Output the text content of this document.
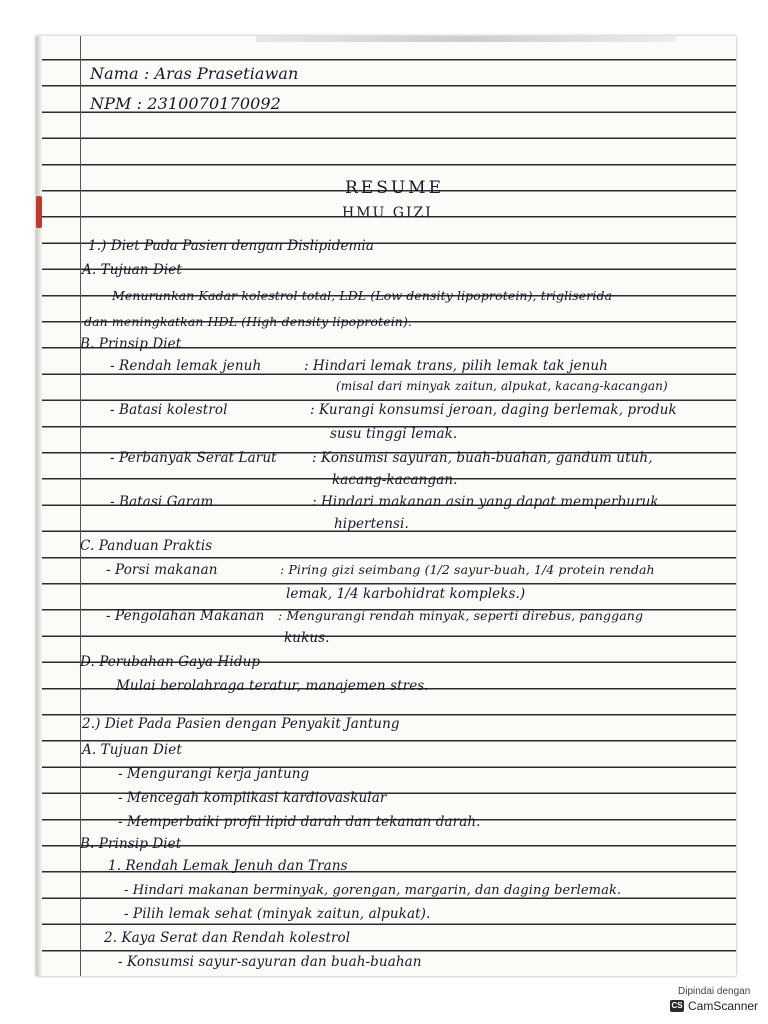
Nama : Aras Prasetiawan
NPM : 2310070170092
RESUME
HMU GIZI
1.) Diet Pada Pasien dengan Dislipidemia
A. Tujuan Diet
Menurunkan Kadar kolestrol total, LDL (Low density lipoprotein), trigliserida
dan meningkatkan HDL (High density lipoprotein).
B. Prinsip Diet
- Rendah lemak jenuh	: Hindari lemak trans, pilih lemak tak jenuh
(misal dari minyak zaitun, alpukat, kacang-kacangan)
- Batasi kolestrol	: Kurangi konsumsi jeroan, daging berlemak, produk
susu tinggi lemak.
- Perbanyak Serat Larut	: Konsumsi sayuran, buah-buahan, gandum utuh,
kacang-kacangan.
- Batasi Garam	: Hindari makanan asin yang dapat memperburuk
hipertensi.
C. Panduan Praktis
- Porsi makanan	: Piring gizi seimbang (1/2 sayur-buah, 1/4 protein rendah
lemak, 1/4 karbohidrat kompleks.)
- Pengolahan Makanan : Mengurangi rendah minyak, seperti direbus, panggang
kukus.
D. Perubahan Gaya Hidup
Mulai berolahraga teratur, manajemen stres.
2.) Diet Pada Pasien dengan Penyakit Jantung
A. Tujuan Diet
- Mengurangi kerja jantung
- Mencegah komplikasi kardiovaskular
- Memperbaiki profil lipid darah dan tekanan darah.
B. Prinsip Diet
1. Rendah Lemak Jenuh dan Trans
- Hindari makanan berminyak, gorengan, margarin, dan daging berlemak.
- Pilih lemak sehat (minyak zaitun, alpukat).
2. Kaya Serat dan Rendah kolestrol
- Konsumsi sayur-sayuran dan buah-buahan
Dipindai dengan
CS CamScanner
